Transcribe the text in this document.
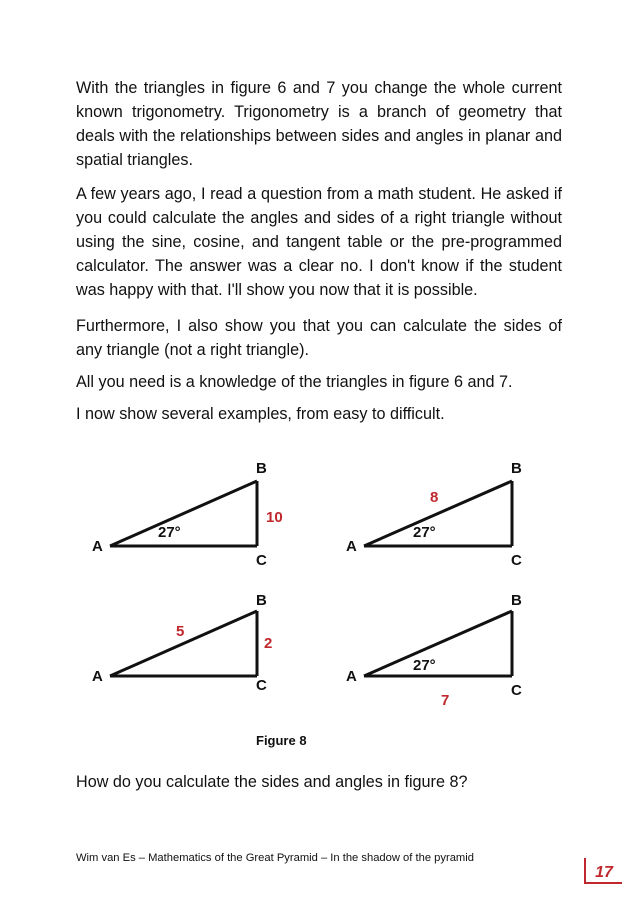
With the triangles in figure 6 and 7 you change the whole current known trigonometry. Trigonometry is a branch of geometry that deals with the relationships between sides and angles in planar and spatial triangles.

A few years ago, I read a question from a math student. He asked if you could calculate the angles and sides of a right triangle without using the sine, cosine, and tangent table or the pre-programmed calculator. The answer was a clear no. I don't know if the student was happy with that. I'll show you now that it is possible.

Furthermore, I also show you that you can calculate the sides of any triangle (not a right triangle).

All you need is a knowledge of the triangles in figure 6 and 7.

I now show several examples, from easy to difficult.

A
B
C
27°
10
A
B
C
27°
8
A
B
C
5
2
A
B
C
27°
7

Figure 8

How do you calculate the sides and angles in figure 8?

Wim van Es – Mathematics of the Great Pyramid – In the shadow of the pyramid

17
